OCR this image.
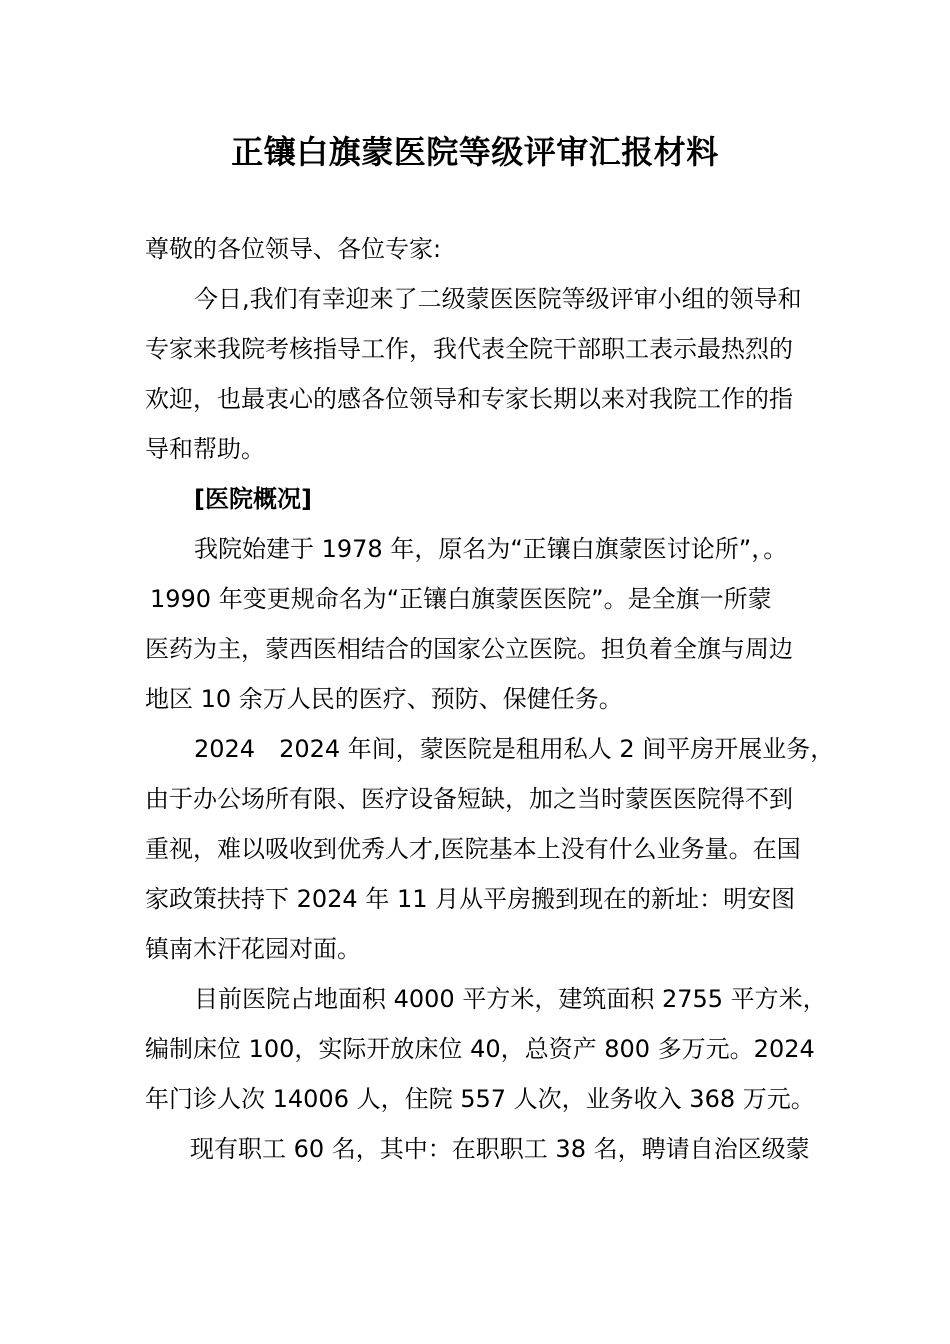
正镶白旗蒙医院等级评审汇报材料
尊敬的各位领导、各位专家:
今日,我们有幸迎来了二级蒙医医院等级评审小组的领导和
专家来我院考核指导工作，我代表全院干部职工表示最热烈的
欢迎，也最衷心的感各位领导和专家长期以来对我院工作的指
导和帮助。
[医院概况]
我院始建于 1978 年，原名为“正镶白旗蒙医讨论所”，。
1990 年变更规命名为“正镶白旗蒙医医院”。是全旗一所蒙
医药为主，蒙西医相结合的国家公立医院。担负着全旗与周边
地区 10 余万人民的医疗、预防、保健任务。
2024　2024 年间，蒙医院是租用私人 2 间平房开展业务，
由于办公场所有限、医疗设备短缺，加之当时蒙医医院得不到
重视，难以吸收到优秀人才,医院基本上没有什么业务量。在国
家政策扶持下 2024 年 11 月从平房搬到现在的新址：明安图
镇南木汗花园对面。
目前医院占地面积 4000 平方米，建筑面积 2755 平方米，
编制床位 100，实际开放床位 40，总资产 800 多万元。2024
年门诊人次 14006 人，住院 557 人次，业务收入 368 万元。
现有职工 60 名，其中：在职职工 38 名，聘请自治区级蒙
